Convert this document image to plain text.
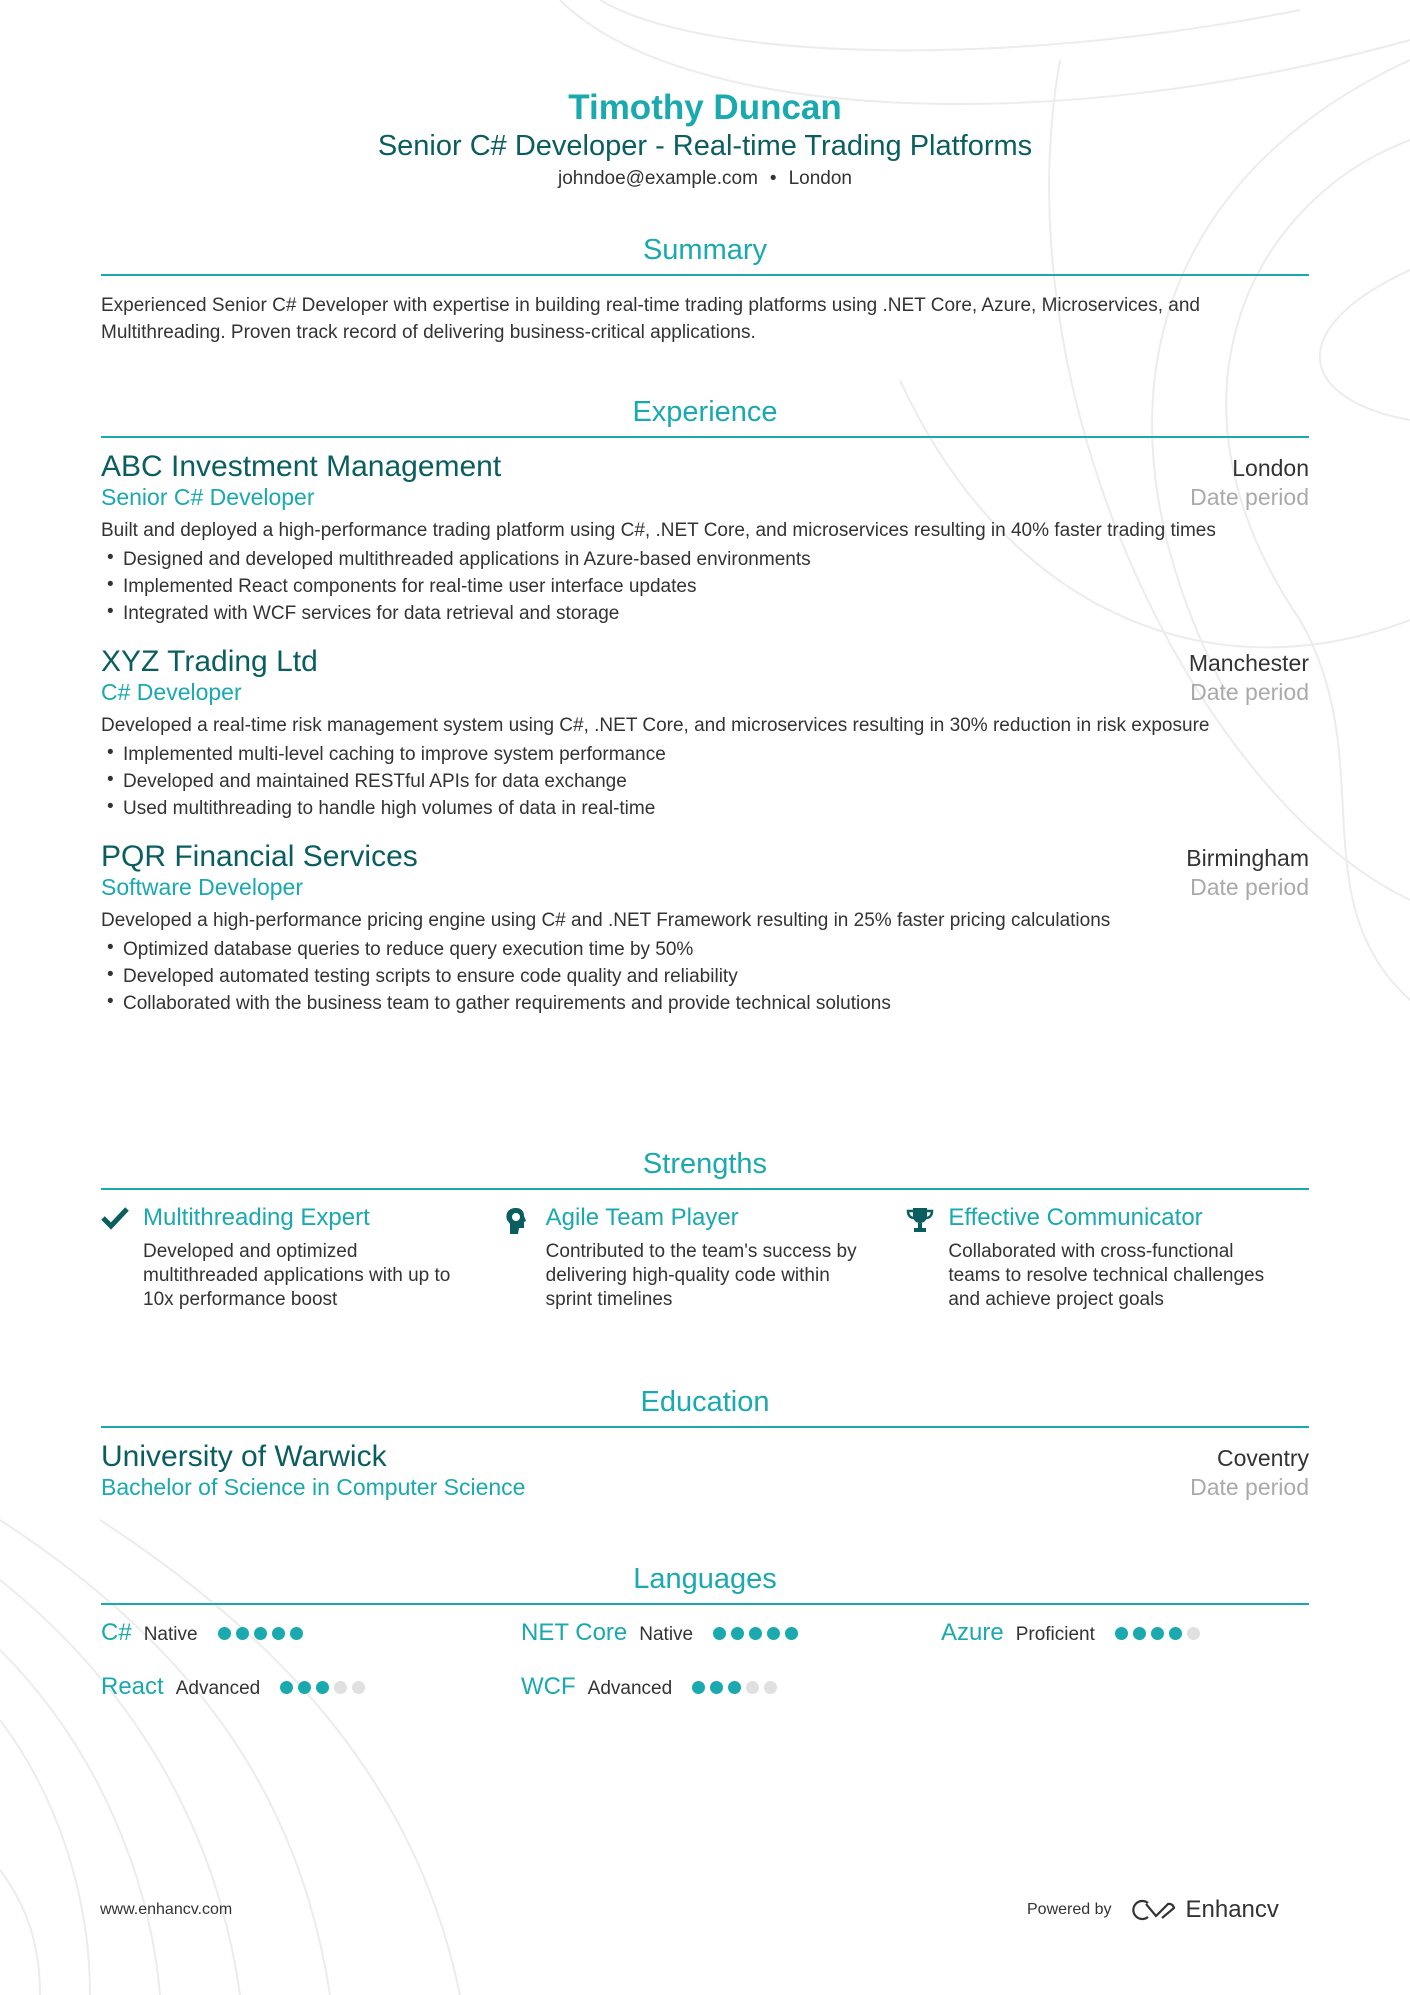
Timothy Duncan
Senior C# Developer - Real-time Trading Platforms
johndoe@example.com • London
Summary
Experienced Senior C# Developer with expertise in building real-time trading platforms using .NET Core, Azure, Microservices, and Multithreading. Proven track record of delivering business-critical applications.
Experience
ABC Investment Management	London
Senior C# Developer	Date period
Built and deployed a high-performance trading platform using C#, .NET Core, and microservices resulting in 40% faster trading times
• Designed and developed multithreaded applications in Azure-based environments
• Implemented React components for real-time user interface updates
• Integrated with WCF services for data retrieval and storage
XYZ Trading Ltd	Manchester
C# Developer	Date period
Developed a real-time risk management system using C#, .NET Core, and microservices resulting in 30% reduction in risk exposure
• Implemented multi-level caching to improve system performance
• Developed and maintained RESTful APIs for data exchange
• Used multithreading to handle high volumes of data in real-time
PQR Financial Services	Birmingham
Software Developer	Date period
Developed a high-performance pricing engine using C# and .NET Framework resulting in 25% faster pricing calculations
• Optimized database queries to reduce query execution time by 50%
• Developed automated testing scripts to ensure code quality and reliability
• Collaborated with the business team to gather requirements and provide technical solutions
Strengths
Multithreading Expert
Developed and optimized multithreaded applications with up to 10x performance boost
Agile Team Player
Contributed to the team's success by delivering high-quality code within sprint timelines
Effective Communicator
Collaborated with cross-functional teams to resolve technical challenges and achieve project goals
Education
University of Warwick	Coventry
Bachelor of Science in Computer Science	Date period
Languages
C# Native	NET Core Native	Azure Proficient
React Advanced	WCF Advanced
www.enhancv.com	Powered by	Enhancv
